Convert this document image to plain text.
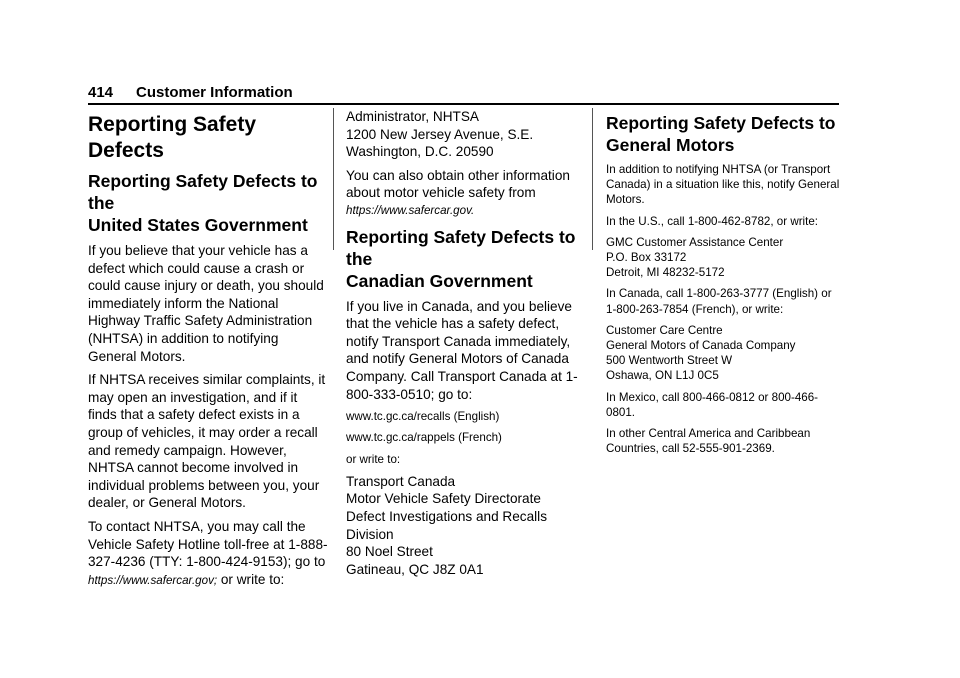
414 Customer Information
Reporting Safety Defects
Reporting Safety Defects to the
United States Government

If you believe that your vehicle has a defect which could cause a crash or could cause injury or death, you should immediately inform the National Highway Traffic Safety Administration (NHTSA) in addition to notifying General Motors.

If NHTSA receives similar complaints, it may open an investigation, and if it finds that a safety defect exists in a group of vehicles, it may order a recall and remedy campaign. However, NHTSA cannot become involved in individual problems between you, your dealer, or General Motors.

To contact NHTSA, you may call the Vehicle Safety Hotline toll-free at 1-888-327-4236 (TTY: 1-800-424-9153); go to https://www.safercar.gov; or write to:

Administrator, NHTSA
1200 New Jersey Avenue, S.E.
Washington, D.C. 20590

You can also obtain other information about motor vehicle safety from
https://www.safercar.gov.

Reporting Safety Defects to the
Canadian Government

If you live in Canada, and you believe that the vehicle has a safety defect, notify Transport Canada immediately, and notify General Motors of Canada Company. Call Transport Canada at 1-800-333-0510; go to:

www.tc.gc.ca/recalls (English)

www.tc.gc.ca/rappels (French)

or write to:

Transport Canada
Motor Vehicle Safety Directorate
Defect Investigations and Recalls
Division
80 Noel Street
Gatineau, QC J8Z 0A1

Reporting Safety Defects to
General Motors

In addition to notifying NHTSA (or Transport Canada) in a situation like this, notify General Motors.

In the U.S., call 1-800-462-8782, or write:

GMC Customer Assistance Center
P.O. Box 33172
Detroit, MI 48232-5172

In Canada, call 1-800-263-3777 (English) or 1-800-263-7854 (French), or write:

Customer Care Centre
General Motors of Canada Company
500 Wentworth Street W
Oshawa, ON L1J 0C5

In Mexico, call 800-466-0812 or 800-466-0801.

In other Central America and Caribbean Countries, call 52-555-901-2369.
